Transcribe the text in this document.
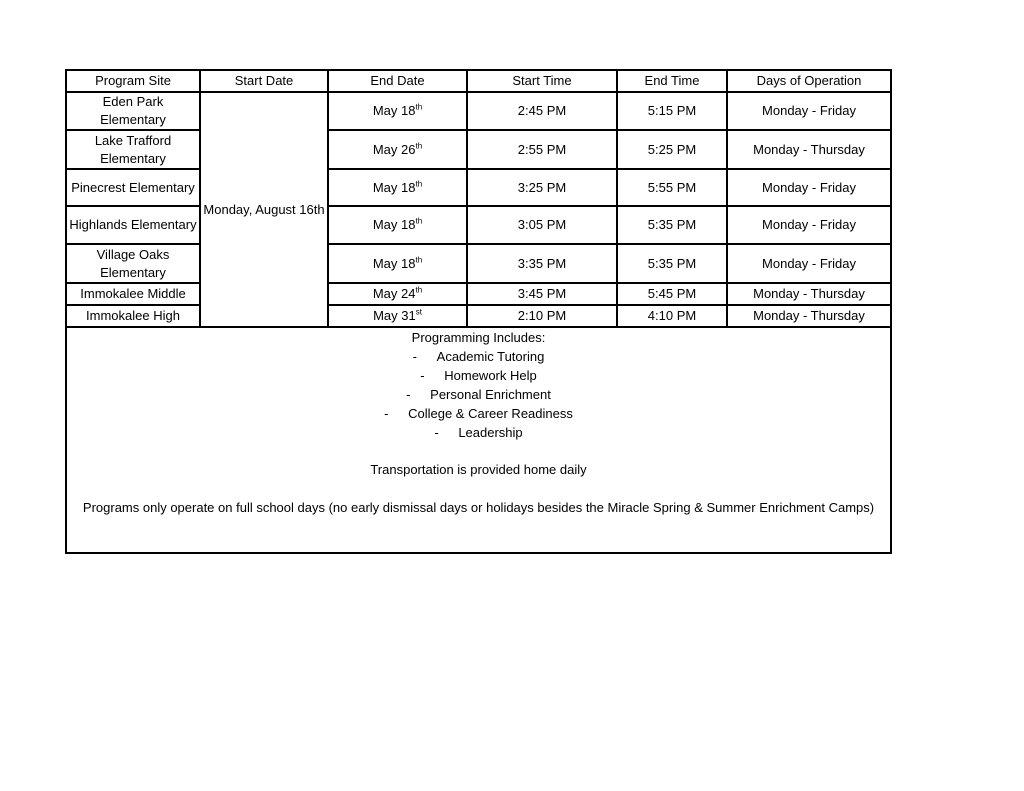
Program Site	Start Date	End Date	Start Time	End Time	Days of Operation
Eden Park Elementary	Monday, August 16th	May 18th	2:45 PM	5:15 PM	Monday - Friday
Lake Trafford Elementary		May 26th	2:55 PM	5:25 PM	Monday - Thursday
Pinecrest Elementary		May 18th	3:25 PM	5:55 PM	Monday - Friday
Highlands Elementary		May 18th	3:05 PM	5:35 PM	Monday - Friday
Village Oaks Elementary		May 18th	3:35 PM	5:35 PM	Monday - Friday
Immokalee Middle		May 24th	3:45 PM	5:45 PM	Monday - Thursday
Immokalee High		May 31st	2:10 PM	4:10 PM	Monday - Thursday
Programming Includes:
- Academic Tutoring
- Homework Help
- Personal Enrichment
- College & Career Readiness
- Leadership
Transportation is provided home daily
Programs only operate on full school days (no early dismissal days or holidays besides the Miracle Spring & Summer Enrichment Camps)
